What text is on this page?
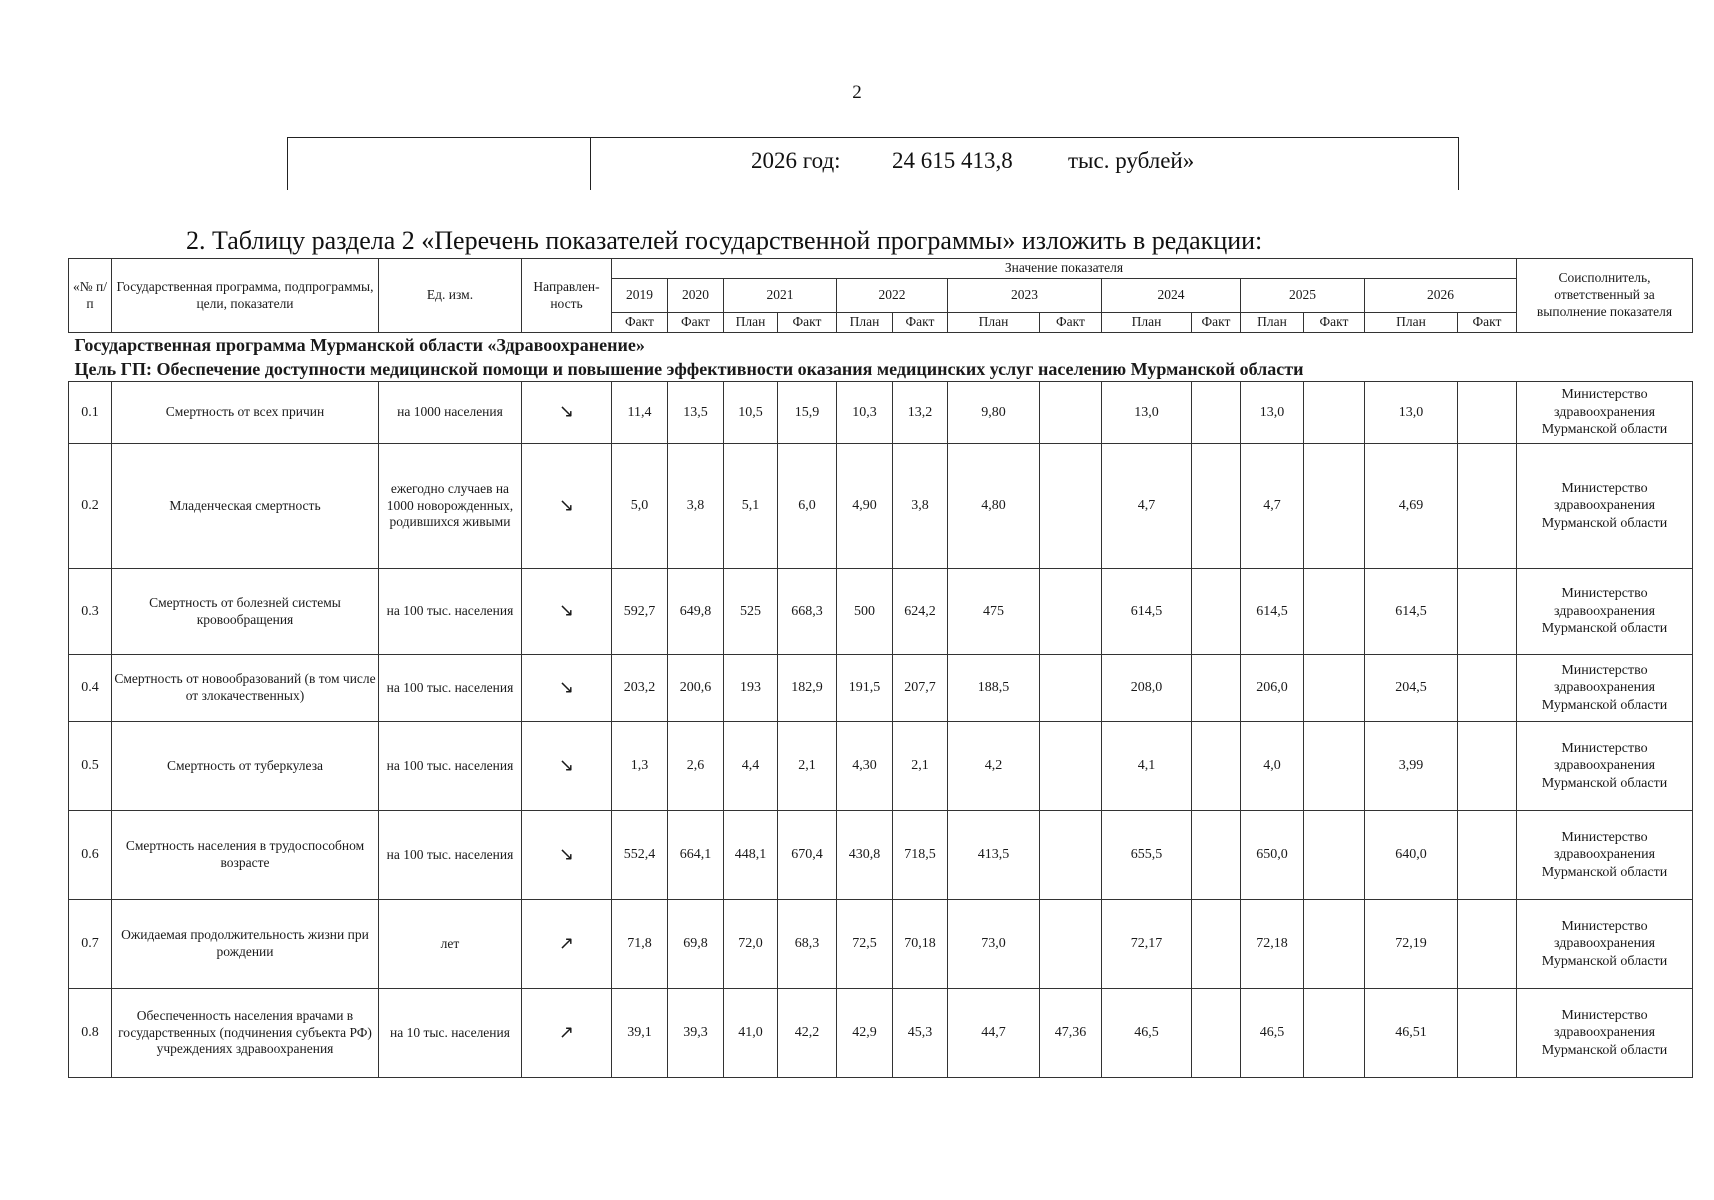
2
2026 год: 24 615 413,8 тыс. рублей»
2. Таблицу раздела 2 «Перечень показателей государственной программы» изложить в редакции:
«№ п/п	Государственная программа, подпрограммы, цели, показатели	Ед. изм.	Направлен-ность	Значение показателя														Соисполнитель, ответственный за выполнение показателя
				2019	2020	2021		2022		2023		2024		2025		2026		
				Факт	Факт	План	Факт	План	Факт	План	Факт	План	Факт	План	Факт	План	Факт	
Государственная программа Мурманской области «Здравоохранение»																		
Цель ГП: Обеспечение доступности медицинской помощи и повышение эффективности оказания медицинских услуг населению Мурманской области																		
0.1	Смертность от всех причин	на 1000 населения	↘	11,4	13,5	10,5	15,9	10,3	13,2	9,80		13,0		13,0		13,0		Министерство здравоохранения Мурманской области
0.2	Младенческая смертность	ежегодно случаев на 1000 новорожденных, родившихся живыми	↘	5,0	3,8	5,1	6,0	4,90	3,8	4,80		4,7		4,7		4,69		Министерство здравоохранения Мурманской области
0.3	Смертность от болезней системы кровообращения	на 100 тыс. населения	↘	592,7	649,8	525	668,3	500	624,2	475		614,5		614,5		614,5		Министерство здравоохранения Мурманской области
0.4	Смертность от новообразований (в том числе от злокачественных)	на 100 тыс. населения	↘	203,2	200,6	193	182,9	191,5	207,7	188,5		208,0		206,0		204,5		Министерство здравоохранения Мурманской области
0.5	Смертность от туберкулеза	на 100 тыс. населения	↘	1,3	2,6	4,4	2,1	4,30	2,1	4,2		4,1		4,0		3,99		Министерство здравоохранения Мурманской области
0.6	Смертность населения в трудоспособном возрасте	на 100 тыс. населения	↘	552,4	664,1	448,1	670,4	430,8	718,5	413,5		655,5		650,0		640,0		Министерство здравоохранения Мурманской области
0.7	Ожидаемая продолжительность жизни при рождении	лет	↗	71,8	69,8	72,0	68,3	72,5	70,18	73,0		72,17		72,18		72,19		Министерство здравоохранения Мурманской области
0.8	Обеспеченность населения врачами в государственных (подчинения субъекта РФ) учреждениях здравоохранения	на 10 тыс. населения	↗	39,1	39,3	41,0	42,2	42,9	45,3	44,7	47,36	46,5		46,5		46,51		Министерство здравоохранения Мурманской области
